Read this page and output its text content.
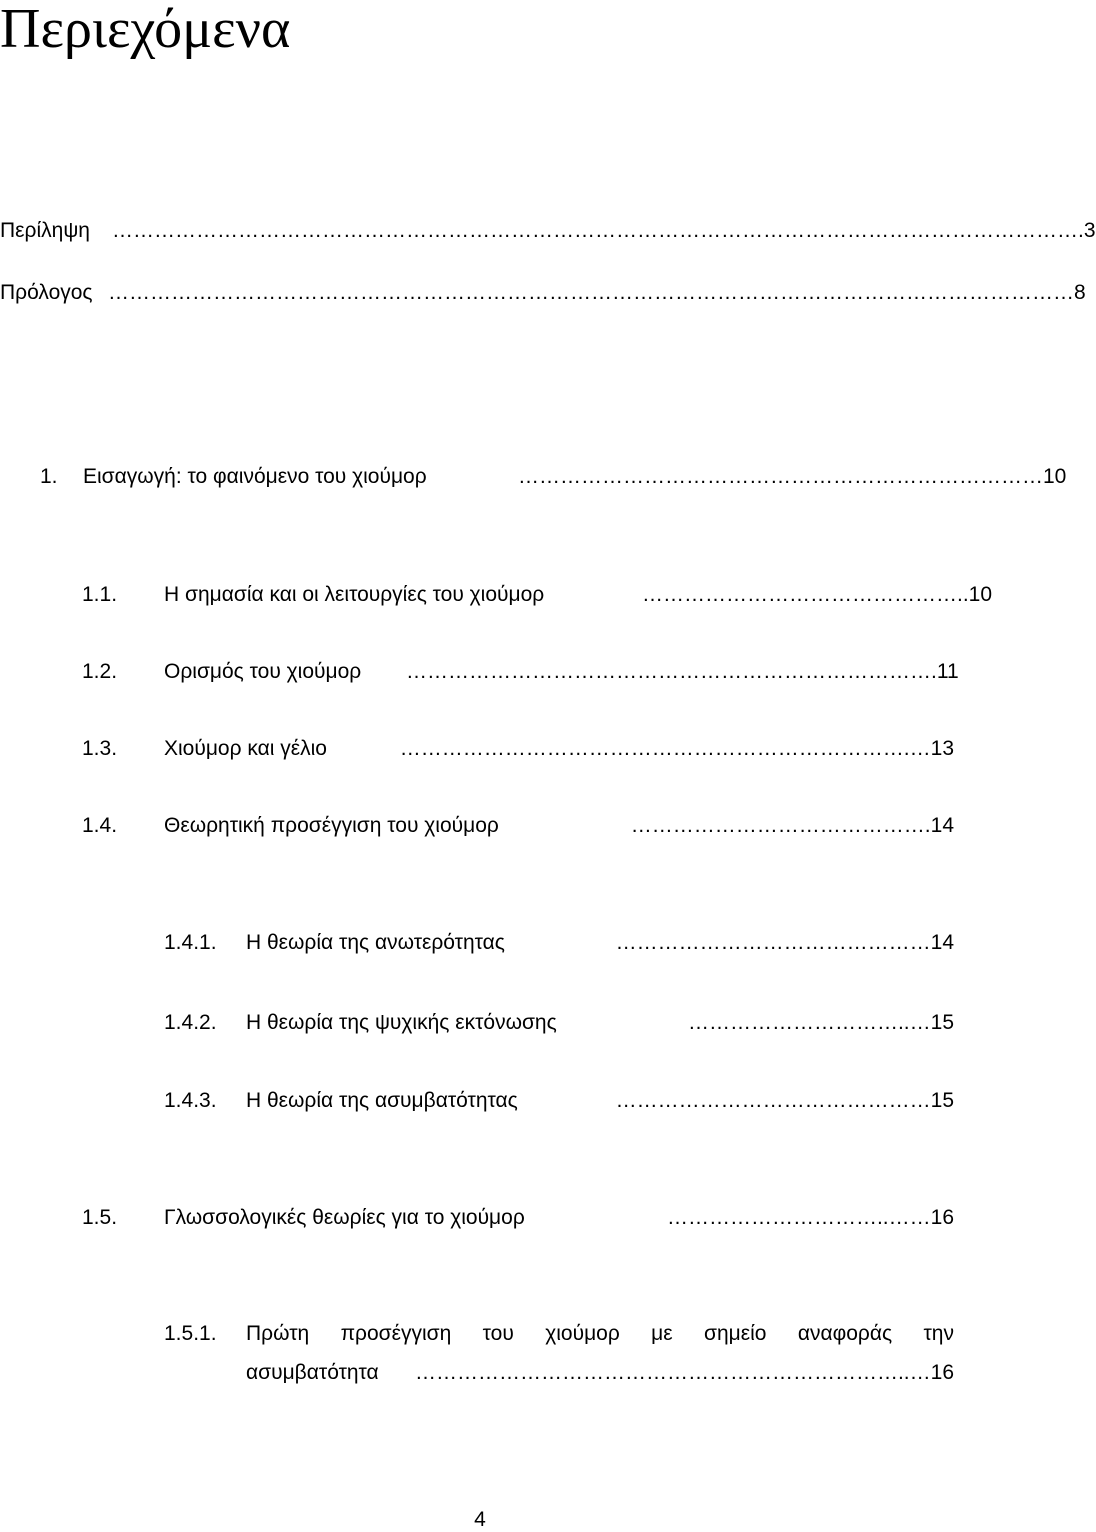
Περιεχόμενα
Περίληψη ………………………………………………………………………………………………………………………….3
Πρόλογος …………………………………………………………………………………………………………………………8
1. Εισαγωγή: το φαινόμενο του χιούμορ	…………………………………………………………………10
1.1. Η σημασία και οι λειτουργίες του χιούμορ	………………………………………..10
1.2. Ορισμός του χιούμορ ………………………………………………………………….11
1.3. Χιούμορ και γέλιο	……………………………………………………………….…13
1.4. Θεωρητική προσέγγιση του χιούμορ	…………………………………….14
1.4.1. Η θεωρία της ανωτερότητας	………………………………………14
1.4.2. Η θεωρία της ψυχικής εκτόνωσης	…………………………..…15
1.4.3. Η θεωρία της ασυμβατότητας	………………………………………15
1.5. Γλωσσολογικές θεωρίες για το χιούμορ	…………………………..……16
1.5.1. Πρώτη προσέγγιση του χιούμορ με σημείο αναφοράς την
ασυμβατότητα ……………………………………………………………..…16
4
